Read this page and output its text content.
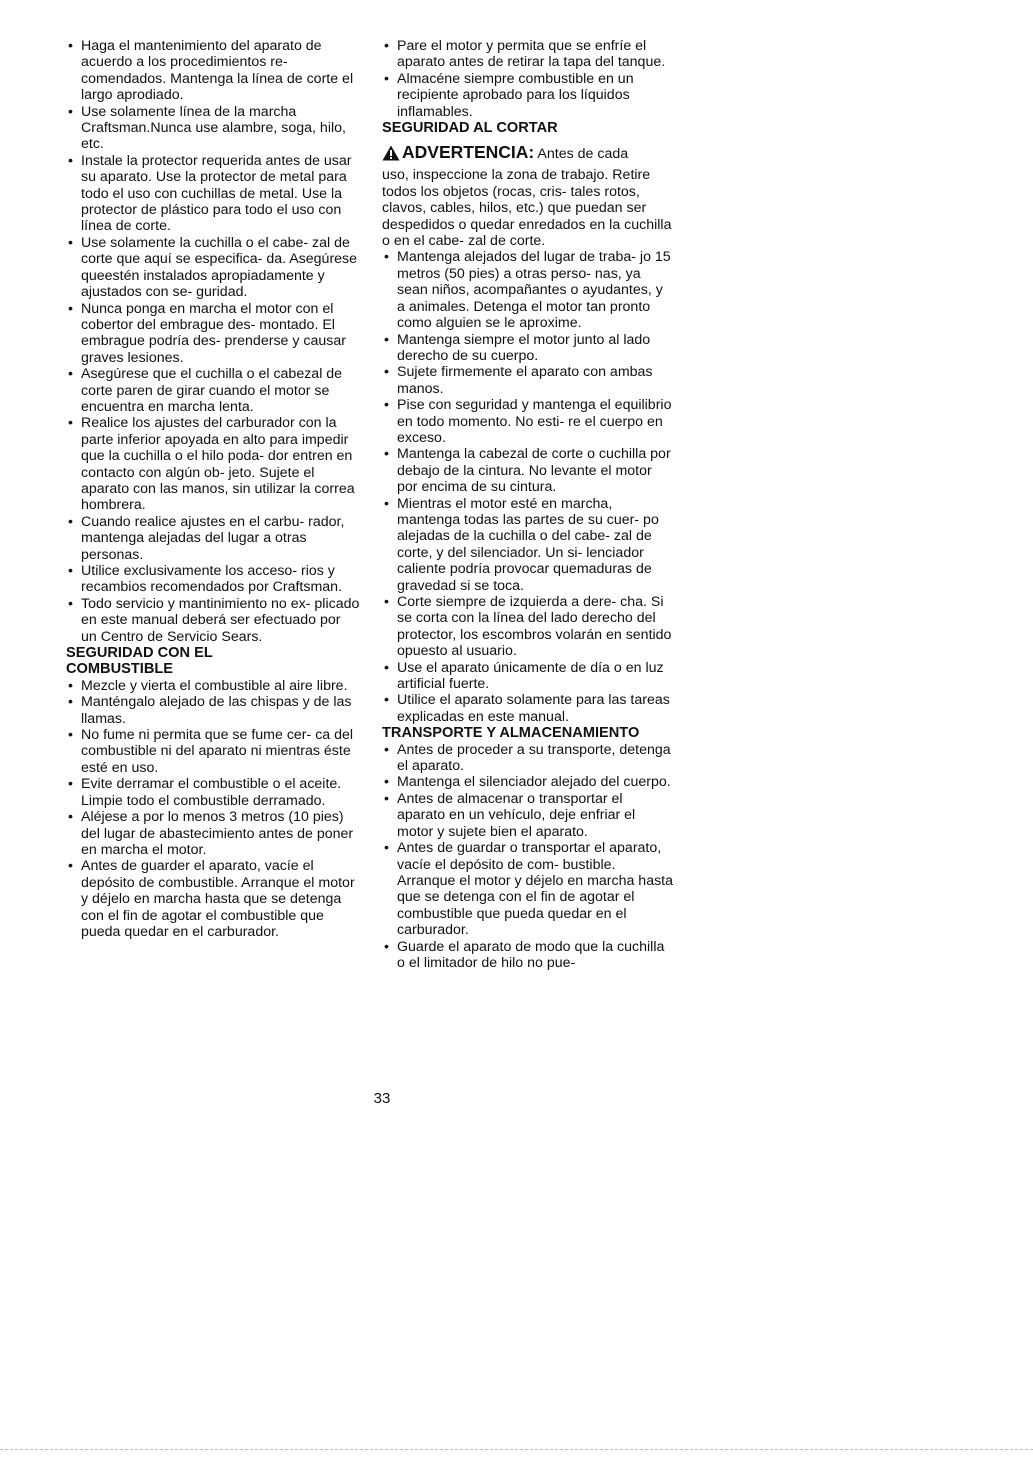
• Haga el mantenimiento del aparato de acuerdo a los procedimientos re- comendados. Mantenga la línea de corte el largo aprodiado.
• Use solamente línea de la marcha Craftsman.Nunca use alambre, soga, hilo, etc.
• Instale la protector requerida antes de usar su aparato. Use la protector de metal para todo el uso con cuchillas de metal. Use la protector de plástico para todo el uso con línea de corte.
• Use solamente la cuchilla o el cabe- zal de corte que aquí se especifica- da. Asegúrese queestén instalados apropiadamente y ajustados con se- guridad.
• Nunca ponga en marcha el motor con el cobertor del embrague des- montado. El embrague podría des- prenderse y causar graves lesiones.
• Asegúrese que el cuchilla o el cabezal de corte paren de girar cuando el motor se encuentra en marcha lenta.
• Realice los ajustes del carburador con la parte inferior apoyada en alto para impedir que la cuchilla o el hilo poda- dor entren en contacto con algún ob- jeto. Sujete el aparato con las manos, sin utilizar la correa hombrera.
• Cuando realice ajustes en el carbu- rador, mantenga alejadas del lugar a otras personas.
• Utilice exclusivamente los acceso- rios y recambios recomendados por Craftsman.
• Todo servicio y mantinimiento no ex- plicado en este manual deberá ser efectuado por un Centro de Servicio Sears.
SEGURIDAD CON EL
COMBUSTIBLE
• Mezcle y vierta el combustible al aire libre.
• Manténgalo alejado de las chispas y de las llamas.
• No fume ni permita que se fume cer- ca del combustible ni del aparato ni mientras éste esté en uso.
• Evite derramar el combustible o el aceite. Limpie todo el combustible derramado.
• Aléjese a por lo menos 3 metros (10 pies) del lugar de abastecimiento antes de poner en marcha el motor.
• Antes de guarder el aparato, vacíe el depósito de combustible. Arranque el motor y déjelo en marcha hasta que se detenga con el fin de agotar el combustible que pueda quedar en el carburador.
• Pare el motor y permita que se enfríe el aparato antes de retirar la tapa del tanque.
• Almacéne siempre combustible en un recipiente aprobado para los líquidos inflamables.
SEGURIDAD AL CORTAR
ADVERTENCIA: Antes de cada
uso, inspeccione la zona de trabajo. Retire todos los objetos (rocas, cris- tales rotos, clavos, cables, hilos, etc.) que puedan ser despedidos o quedar enredados en la cuchilla o en el cabe- zal de corte.
• Mantenga alejados del lugar de traba- jo 15 metros (50 pies) a otras perso- nas, ya sean niños, acompañantes o ayudantes, y a animales. Detenga el motor tan pronto como alguien se le aproxime.
• Mantenga siempre el motor junto al lado derecho de su cuerpo.
• Sujete firmemente el aparato con ambas manos.
• Pise con seguridad y mantenga el equilibrio en todo momento. No esti- re el cuerpo en exceso.
• Mantenga la cabezal de corte o cuchilla por debajo de la cintura. No levante el motor por encima de su cintura.
• Mientras el motor esté en marcha, mantenga todas las partes de su cuer- po alejadas de la cuchilla o del cabe- zal de corte, y del silenciador. Un si- lenciador caliente podría provocar quemaduras de gravedad si se toca.
• Corte siempre de izquierda a dere- cha. Si se corta con la línea del lado derecho del protector, los escombros volarán en sentido opuesto al usuario.
• Use el aparato únicamente de día o en luz artificial fuerte.
• Utilice el aparato solamente para las tareas explicadas en este manual.
TRANSPORTE Y ALMACENAMIENTO
• Antes de proceder a su transporte, detenga el aparato.
• Mantenga el silenciador alejado del cuerpo.
• Antes de almacenar o transportar el aparato en un vehículo, deje enfriar el motor y sujete bien el aparato.
• Antes de guardar o transportar el aparato, vacíe el depósito de com- bustible. Arranque el motor y déjelo en marcha hasta que se detenga con el fin de agotar el combustible que pueda quedar en el carburador.
• Guarde el aparato de modo que la cuchilla o el limitador de hilo no pue-
33
